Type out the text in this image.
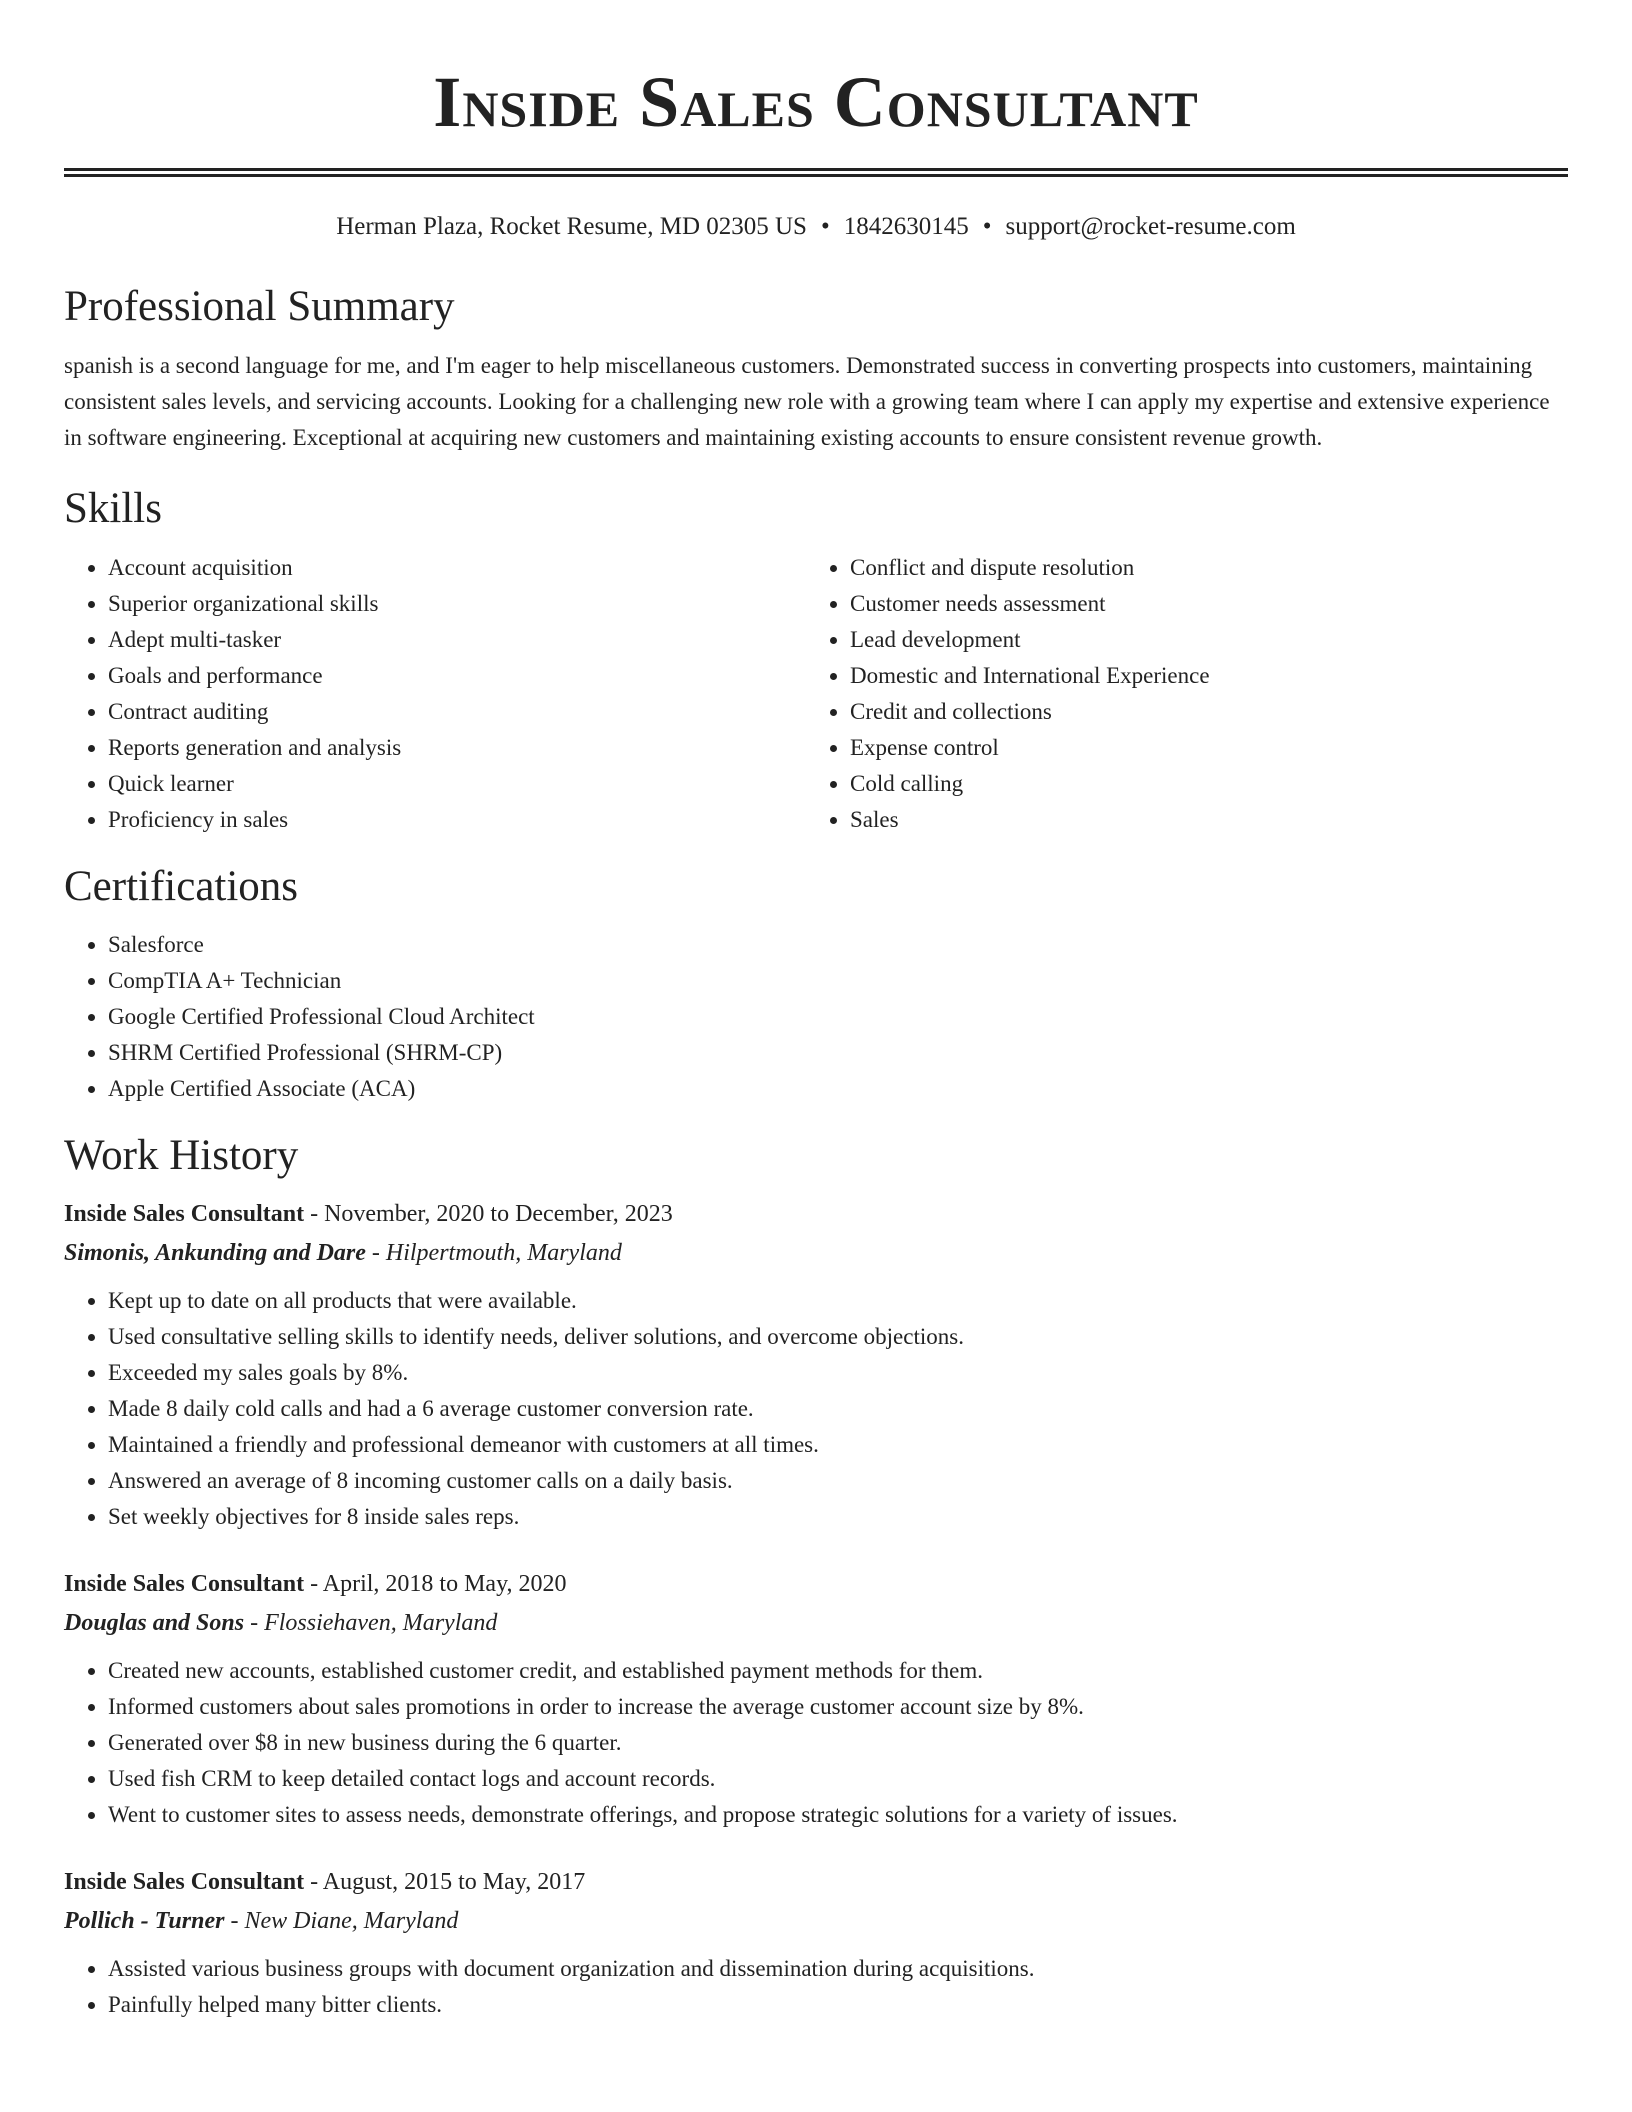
Inside Sales Consultant
Herman Plaza, Rocket Resume, MD 02305 US • 1842630145 • support@rocket-resume.com
Professional Summary
spanish is a second language for me, and I'm eager to help miscellaneous customers. Demonstrated success in converting prospects into customers, maintaining consistent sales levels, and servicing accounts. Looking for a challenging new role with a growing team where I can apply my expertise and extensive experience in software engineering. Exceptional at acquiring new customers and maintaining existing accounts to ensure consistent revenue growth.
Skills
• Account acquisition
• Superior organizational skills
• Adept multi-tasker
• Goals and performance
• Contract auditing
• Reports generation and analysis
• Quick learner
• Proficiency in sales
• Conflict and dispute resolution
• Customer needs assessment
• Lead development
• Domestic and International Experience
• Credit and collections
• Expense control
• Cold calling
• Sales
Certifications
• Salesforce
• CompTIA A+ Technician
• Google Certified Professional Cloud Architect
• SHRM Certified Professional (SHRM-CP)
• Apple Certified Associate (ACA)
Work History
Inside Sales Consultant - November, 2020 to December, 2023
Simonis, Ankunding and Dare - Hilpertmouth, Maryland
• Kept up to date on all products that were available.
• Used consultative selling skills to identify needs, deliver solutions, and overcome objections.
• Exceeded my sales goals by 8%.
• Made 8 daily cold calls and had a 6 average customer conversion rate.
• Maintained a friendly and professional demeanor with customers at all times.
• Answered an average of 8 incoming customer calls on a daily basis.
• Set weekly objectives for 8 inside sales reps.
Inside Sales Consultant - April, 2018 to May, 2020
Douglas and Sons - Flossiehaven, Maryland
• Created new accounts, established customer credit, and established payment methods for them.
• Informed customers about sales promotions in order to increase the average customer account size by 8%.
• Generated over $8 in new business during the 6 quarter.
• Used fish CRM to keep detailed contact logs and account records.
• Went to customer sites to assess needs, demonstrate offerings, and propose strategic solutions for a variety of issues.
Inside Sales Consultant - August, 2015 to May, 2017
Pollich - Turner - New Diane, Maryland
• Assisted various business groups with document organization and dissemination during acquisitions.
• Painfully helped many bitter clients.
